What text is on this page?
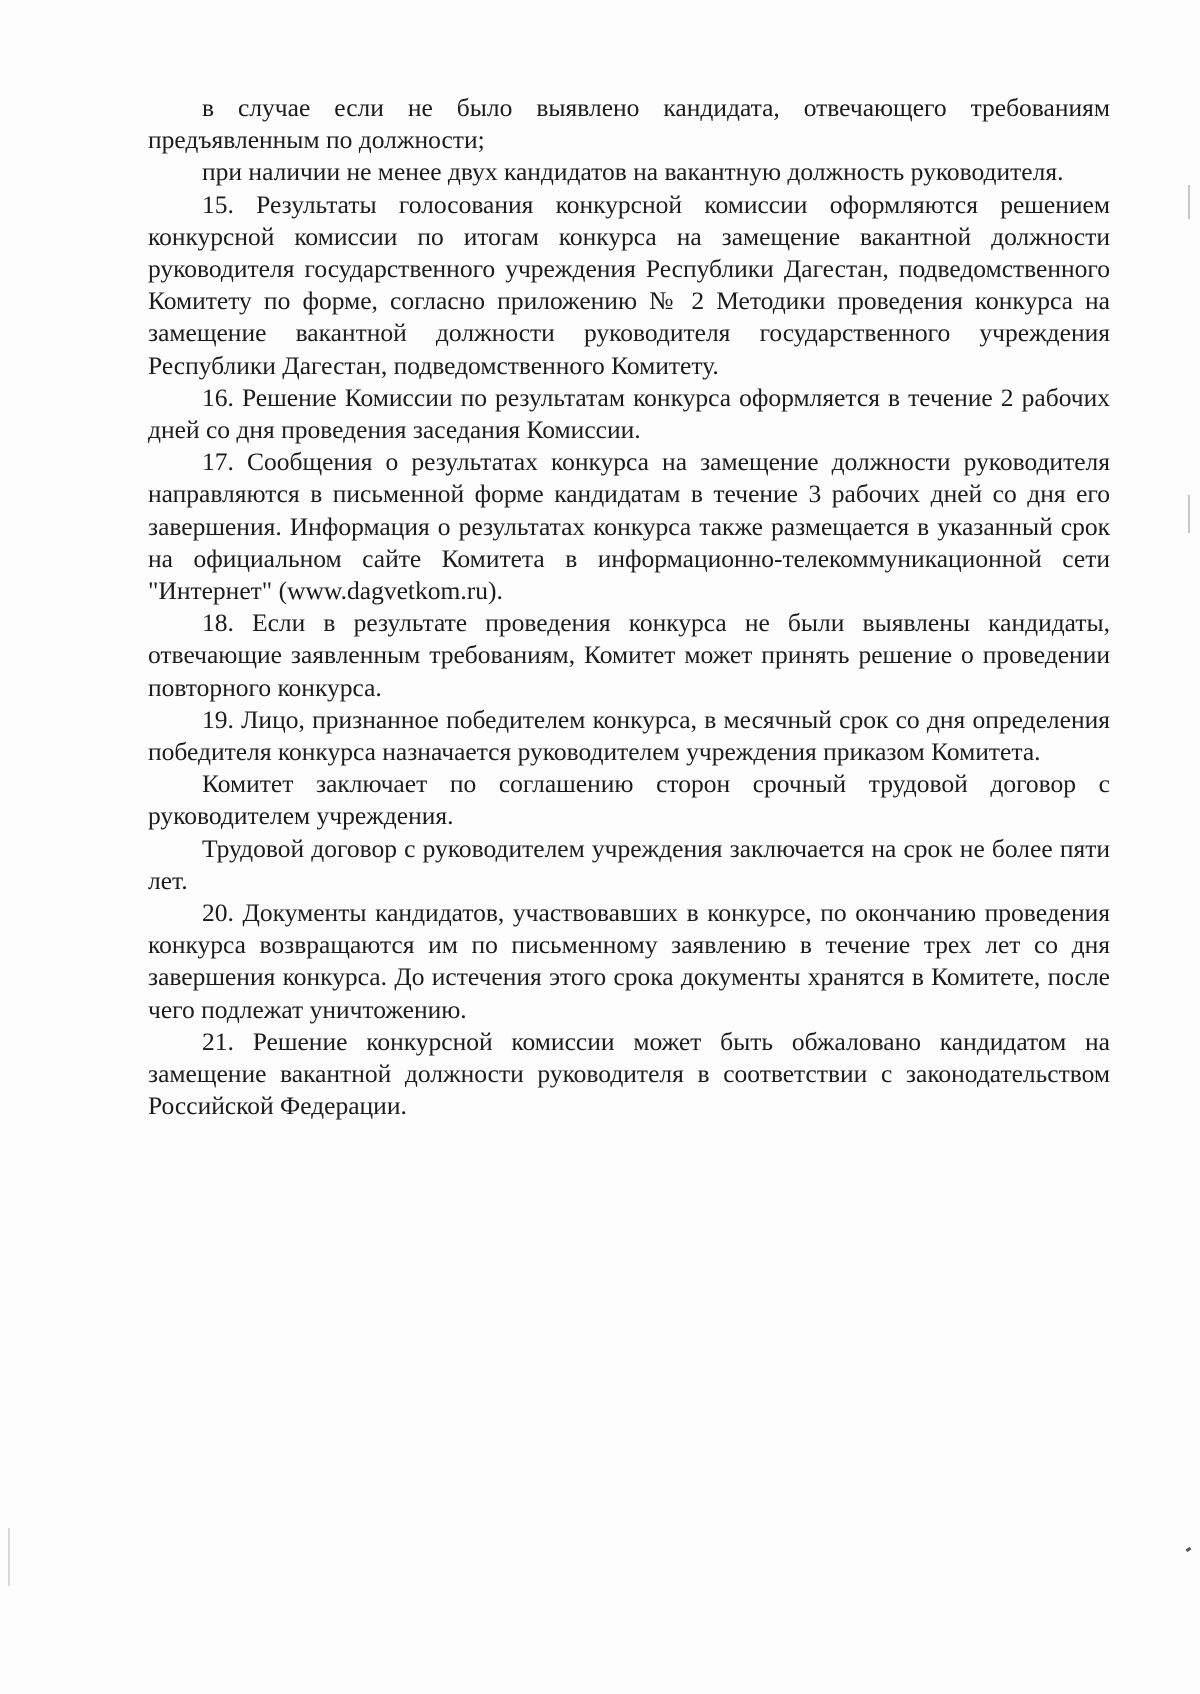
в случае если не было выявлено кандидата, отвечающего требованиям предъявленным по должности;

при наличии не менее двух кандидатов на вакантную должность руководителя.

15. Результаты голосования конкурсной комиссии оформляются решением конкурсной комиссии по итогам конкурса на замещение вакантной должности руководителя государственного учреждения Республики Дагестан, подведомственного Комитету по форме, согласно приложению № 2 Методики проведения конкурса на замещение вакантной должности руководителя государственного учреждения Республики Дагестан, подведомственного Комитету.

16. Решение Комиссии по результатам конкурса оформляется в течение 2 рабочих дней со дня проведения заседания Комиссии.

17. Сообщения о результатах конкурса на замещение должности руководителя направляются в письменной форме кандидатам в течение 3 рабочих дней со дня его завершения. Информация о результатах конкурса также размещается в указанный срок на официальном сайте Комитета в информационно-телекоммуникационной сети "Интернет" (www.dagvetkom.ru).

18. Если в результате проведения конкурса не были выявлены кандидаты, отвечающие заявленным требованиям, Комитет может принять решение о проведении повторного конкурса.

19. Лицо, признанное победителем конкурса, в месячный срок со дня определения победителя конкурса назначается руководителем учреждения приказом Комитета.

Комитет заключает по соглашению сторон срочный трудовой договор с руководителем учреждения.

Трудовой договор с руководителем учреждения заключается на срок не более пяти лет.

20. Документы кандидатов, участвовавших в конкурсе, по окончанию проведения конкурса возвращаются им по письменному заявлению в течение трех лет со дня завершения конкурса. До истечения этого срока документы хранятся в Комитете, после чего подлежат уничтожению.

21. Решение конкурсной комиссии может быть обжаловано кандидатом на замещение вакантной должности руководителя в соответствии с законодательством Российской Федерации.
